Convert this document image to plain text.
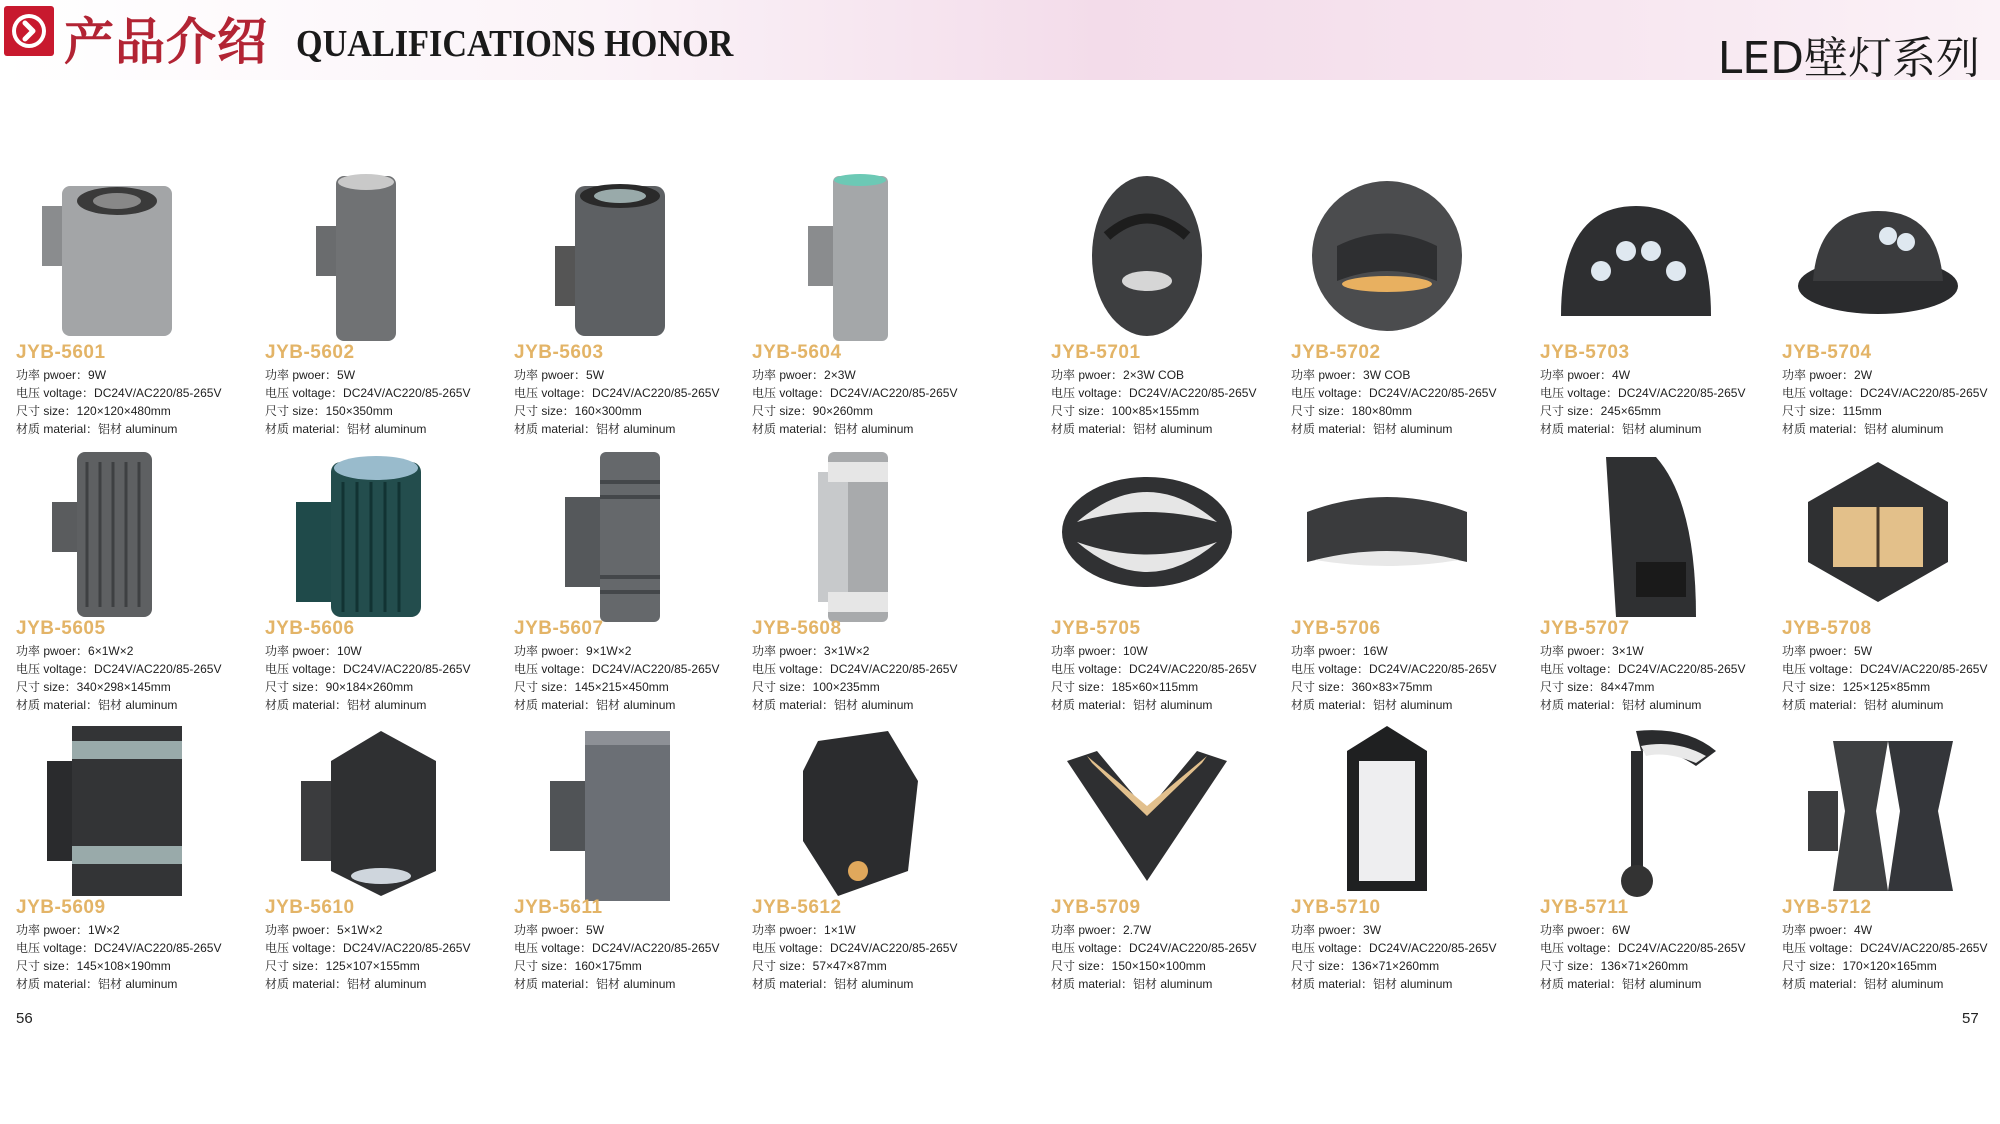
产品介绍 QUALIFICATIONS HONOR	LED壁灯系列
JYB-5601
功率 pwoer：9W
电压 voltage：DC24V/AC220/85-265V
尺寸 size：120×120×480mm
材质 material：铝材 aluminum
JYB-5602
功率 pwoer：5W
电压 voltage：DC24V/AC220/85-265V
尺寸 size：150×350mm
材质 material：铝材 aluminum
JYB-5603
功率 pwoer：5W
电压 voltage：DC24V/AC220/85-265V
尺寸 size：160×300mm
材质 material：铝材 aluminum
JYB-5604
功率 pwoer：2×3W
电压 voltage：DC24V/AC220/85-265V
尺寸 size：90×260mm
材质 material：铝材 aluminum
JYB-5701
功率 pwoer：2×3W COB
电压 voltage：DC24V/AC220/85-265V
尺寸 size：100×85×155mm
材质 material：铝材 aluminum
JYB-5702
功率 pwoer：3W COB
电压 voltage：DC24V/AC220/85-265V
尺寸 size：180×80mm
材质 material：铝材 aluminum
JYB-5703
功率 pwoer：4W
电压 voltage：DC24V/AC220/85-265V
尺寸 size：245×65mm
材质 material：铝材 aluminum
JYB-5704
功率 pwoer：2W
电压 voltage：DC24V/AC220/85-265V
尺寸 size：115mm
材质 material：铝材 aluminum
JYB-5605
功率 pwoer：6×1W×2
电压 voltage：DC24V/AC220/85-265V
尺寸 size：340×298×145mm
材质 material：铝材 aluminum
JYB-5606
功率 pwoer：10W
电压 voltage：DC24V/AC220/85-265V
尺寸 size：90×184×260mm
材质 material：铝材 aluminum
JYB-5607
功率 pwoer：9×1W×2
电压 voltage：DC24V/AC220/85-265V
尺寸 size：145×215×450mm
材质 material：铝材 aluminum
JYB-5608
功率 pwoer：3×1W×2
电压 voltage：DC24V/AC220/85-265V
尺寸 size：100×235mm
材质 material：铝材 aluminum
JYB-5705
功率 pwoer：10W
电压 voltage：DC24V/AC220/85-265V
尺寸 size：185×60×115mm
材质 material：铝材 aluminum
JYB-5706
功率 pwoer：16W
电压 voltage：DC24V/AC220/85-265V
尺寸 size：360×83×75mm
材质 material：铝材 aluminum
JYB-5707
功率 pwoer：3×1W
电压 voltage：DC24V/AC220/85-265V
尺寸 size：84×47mm
材质 material：铝材 aluminum
JYB-5708
功率 pwoer：5W
电压 voltage：DC24V/AC220/85-265V
尺寸 size：125×125×85mm
材质 material：铝材 aluminum
JYB-5609
功率 pwoer：1W×2
电压 voltage：DC24V/AC220/85-265V
尺寸 size：145×108×190mm
材质 material：铝材 aluminum
JYB-5610
功率 pwoer：5×1W×2
电压 voltage：DC24V/AC220/85-265V
尺寸 size：125×107×155mm
材质 material：铝材 aluminum
JYB-5611
功率 pwoer：5W
电压 voltage：DC24V/AC220/85-265V
尺寸 size：160×175mm
材质 material：铝材 aluminum
JYB-5612
功率 pwoer：1×1W
电压 voltage：DC24V/AC220/85-265V
尺寸 size：57×47×87mm
材质 material：铝材 aluminum
JYB-5709
功率 pwoer：2.7W
电压 voltage：DC24V/AC220/85-265V
尺寸 size：150×150×100mm
材质 material：铝材 aluminum
JYB-5710
功率 pwoer：3W
电压 voltage：DC24V/AC220/85-265V
尺寸 size：136×71×260mm
材质 material：铝材 aluminum
JYB-5711
功率 pwoer：6W
电压 voltage：DC24V/AC220/85-265V
尺寸 size：136×71×260mm
材质 material：铝材 aluminum
JYB-5712
功率 pwoer：4W
电压 voltage：DC24V/AC220/85-265V
尺寸 size：170×120×165mm
材质 material：铝材 aluminum
56	57
